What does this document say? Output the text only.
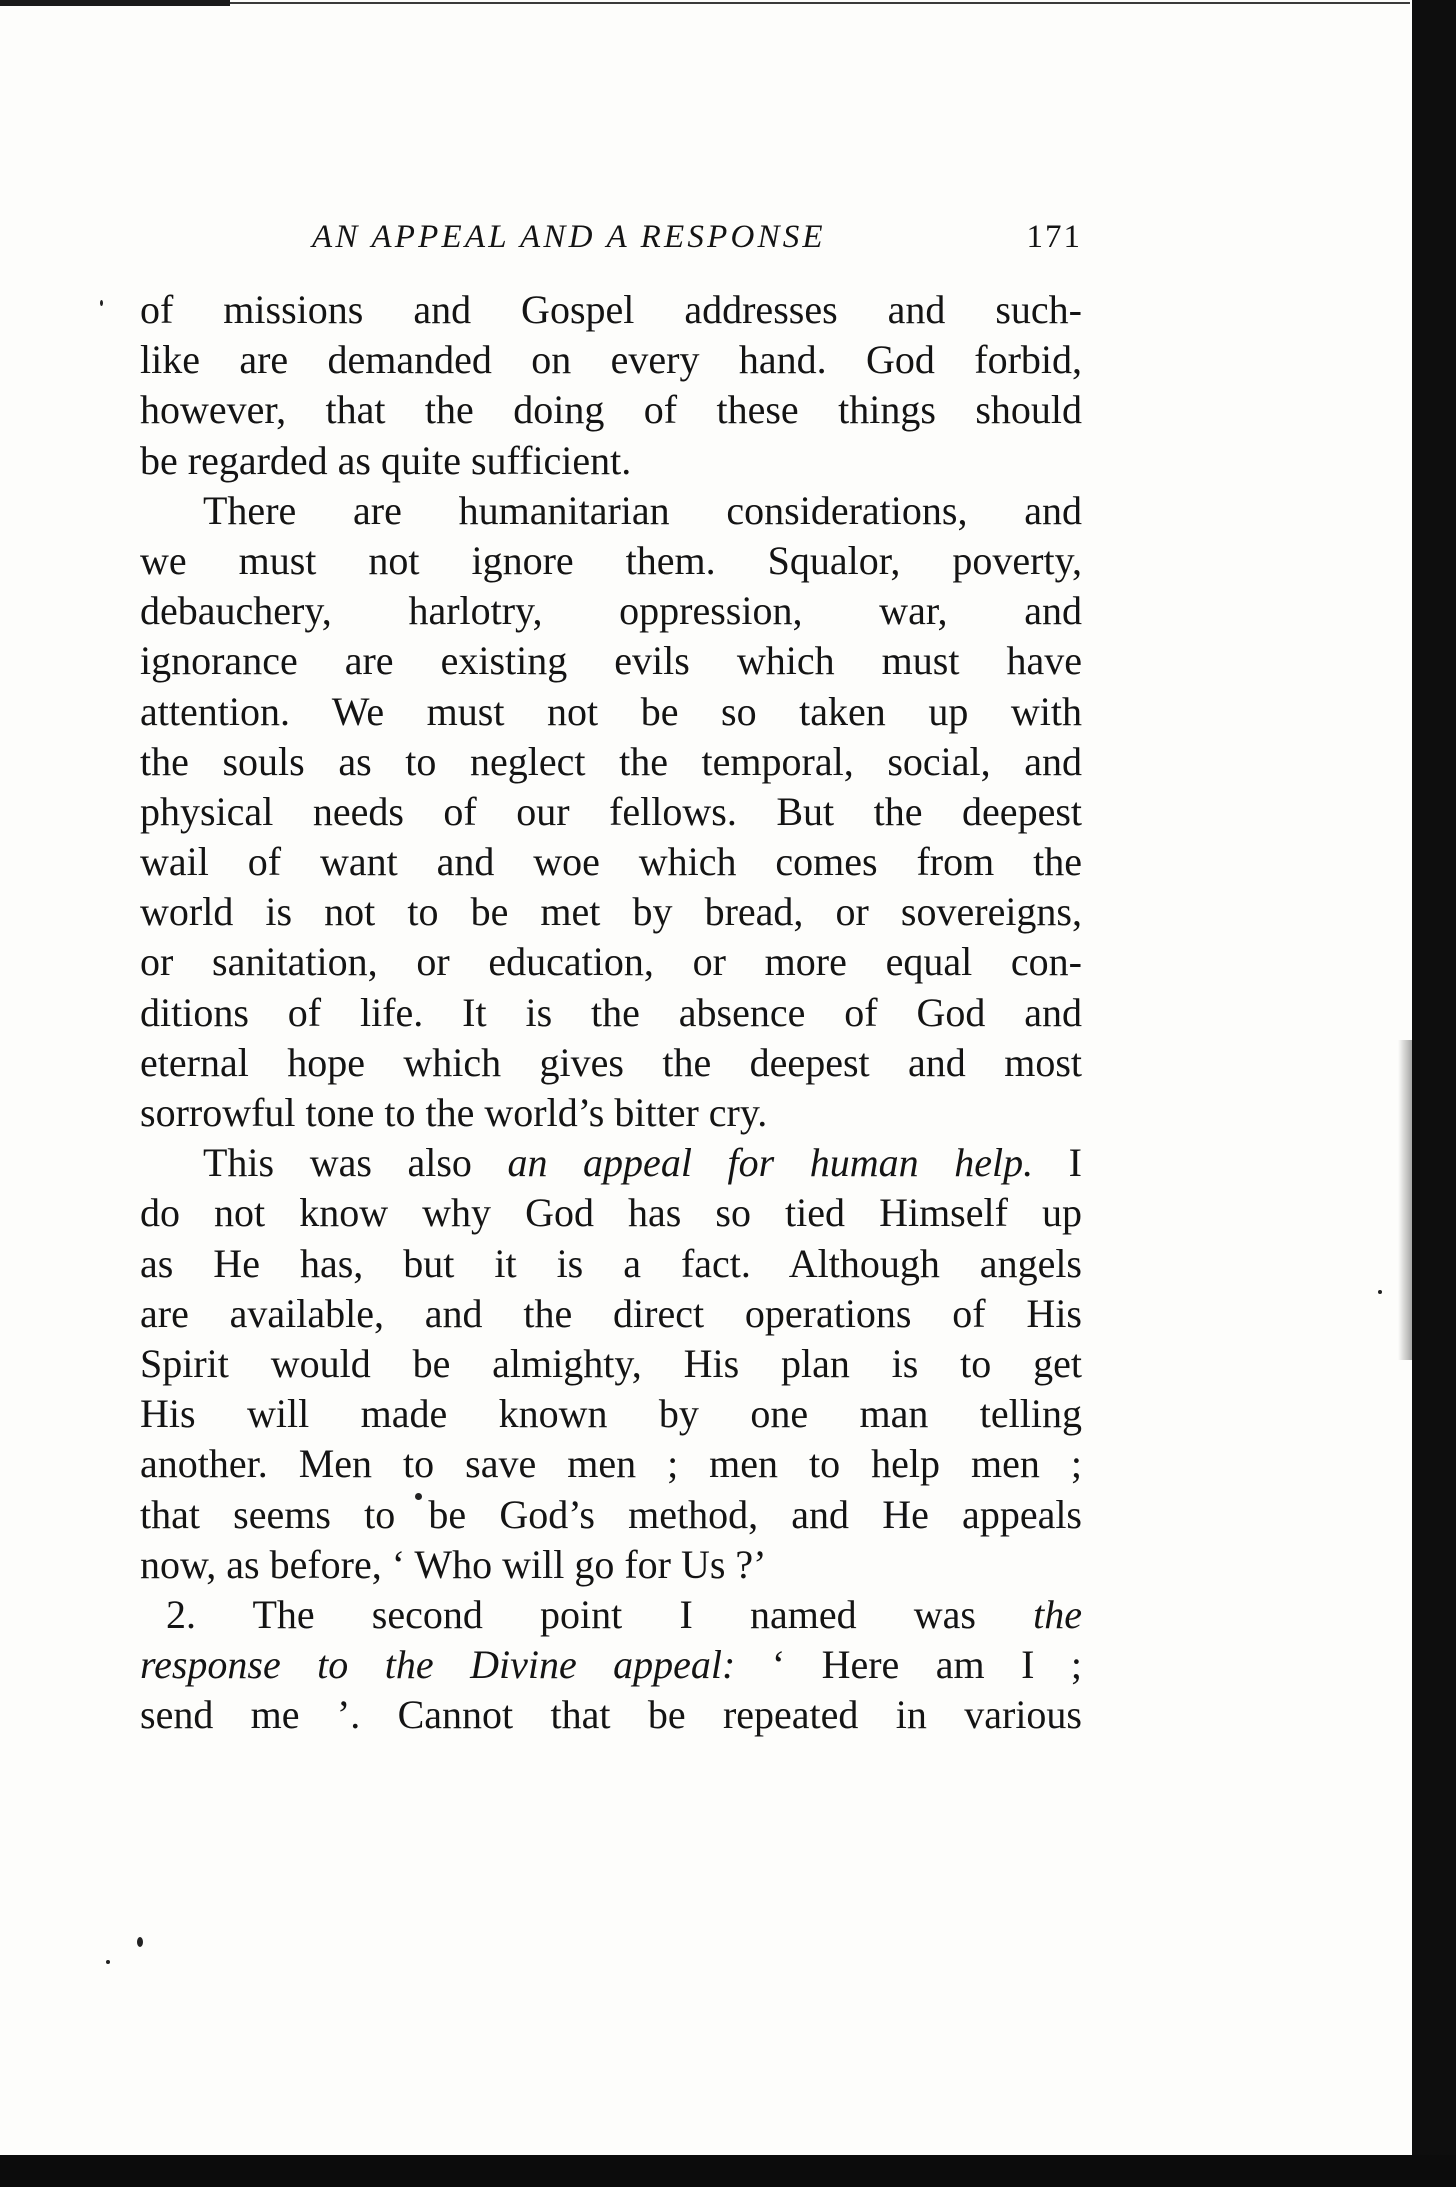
AN APPEAL AND A RESPONSE	171
of missions and Gospel addresses and such-
like are demanded on every hand. God forbid,
however, that the doing of these things should
be regarded as quite sufficient.
There are humanitarian considerations, and
we must not ignore them. Squalor, poverty,
debauchery, harlotry, oppression, war, and
ignorance are existing evils which must have
attention. We must not be so taken up with
the souls as to neglect the temporal, social, and
physical needs of our fellows. But the deepest
wail of want and woe which comes from the
world is not to be met by bread, or sovereigns,
or sanitation, or education, or more equal con-
ditions of life. It is the absence of God and
eternal hope which gives the deepest and most
sorrowful tone to the world’s bitter cry.
This was also an appeal for human help. I
do not know why God has so tied Himself up
as He has, but it is a fact. Although angels
are available, and the direct operations of His
Spirit would be almighty, His plan is to get
His will made known by one man telling
another. Men to save men ; men to help men ;
that seems to be God’s method, and He appeals
now, as before, ‘ Who will go for Us ?’
2. The second point I named was the
response to the Divine appeal: ‘ Here am I ;
send me ’. Cannot that be repeated in various
